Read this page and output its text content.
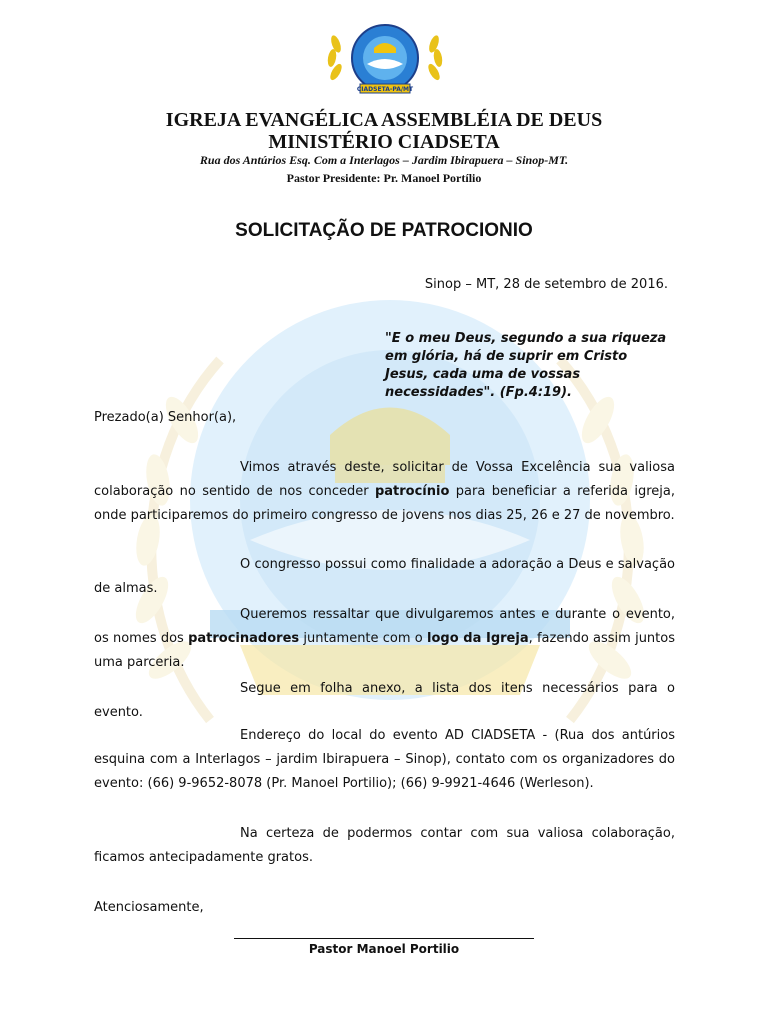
CIADSETA-PA/MT
IGREJA EVANGÉLICA ASSEMBLÉIA DE DEUS
MINISTÉRIO CIADSETA
Rua dos Antúrios Esq. Com a Interlagos – Jardim Ibirapuera – Sinop-MT.
Pastor Presidente: Pr. Manoel Portílio
SOLICITAÇÃO DE PATROCIONIO
Sinop – MT, 28 de setembro de 2016.
"E o meu Deus, segundo a sua riqueza em glória, há de suprir em Cristo Jesus, cada uma de vossas necessidades". (Fp.4:19).
Prezado(a) Senhor(a),
Vimos através deste, solicitar de Vossa Excelência sua valiosa colaboração no sentido de nos conceder patrocínio para beneficiar a referida igreja, onde participaremos do primeiro congresso de jovens nos dias 25, 26 e 27 de novembro.
O congresso possui como finalidade a adoração a Deus e salvação de almas.
Queremos ressaltar que divulgaremos antes e durante o evento, os nomes dos patrocinadores juntamente com o logo da Igreja, fazendo assim juntos uma parceria.
Segue em folha anexo, a lista dos itens necessários para o evento.
Endereço do local do evento AD CIADSETA - (Rua dos antúrios esquina com a Interlagos – jardim Ibirapuera – Sinop), contato com os organizadores do evento: (66) 9-9652-8078 (Pr. Manoel Portilio); (66) 9-9921-4646 (Werleson).
Na certeza de podermos contar com sua valiosa colaboração, ficamos antecipadamente gratos.
Atenciosamente,
Pastor Manoel Portilio
